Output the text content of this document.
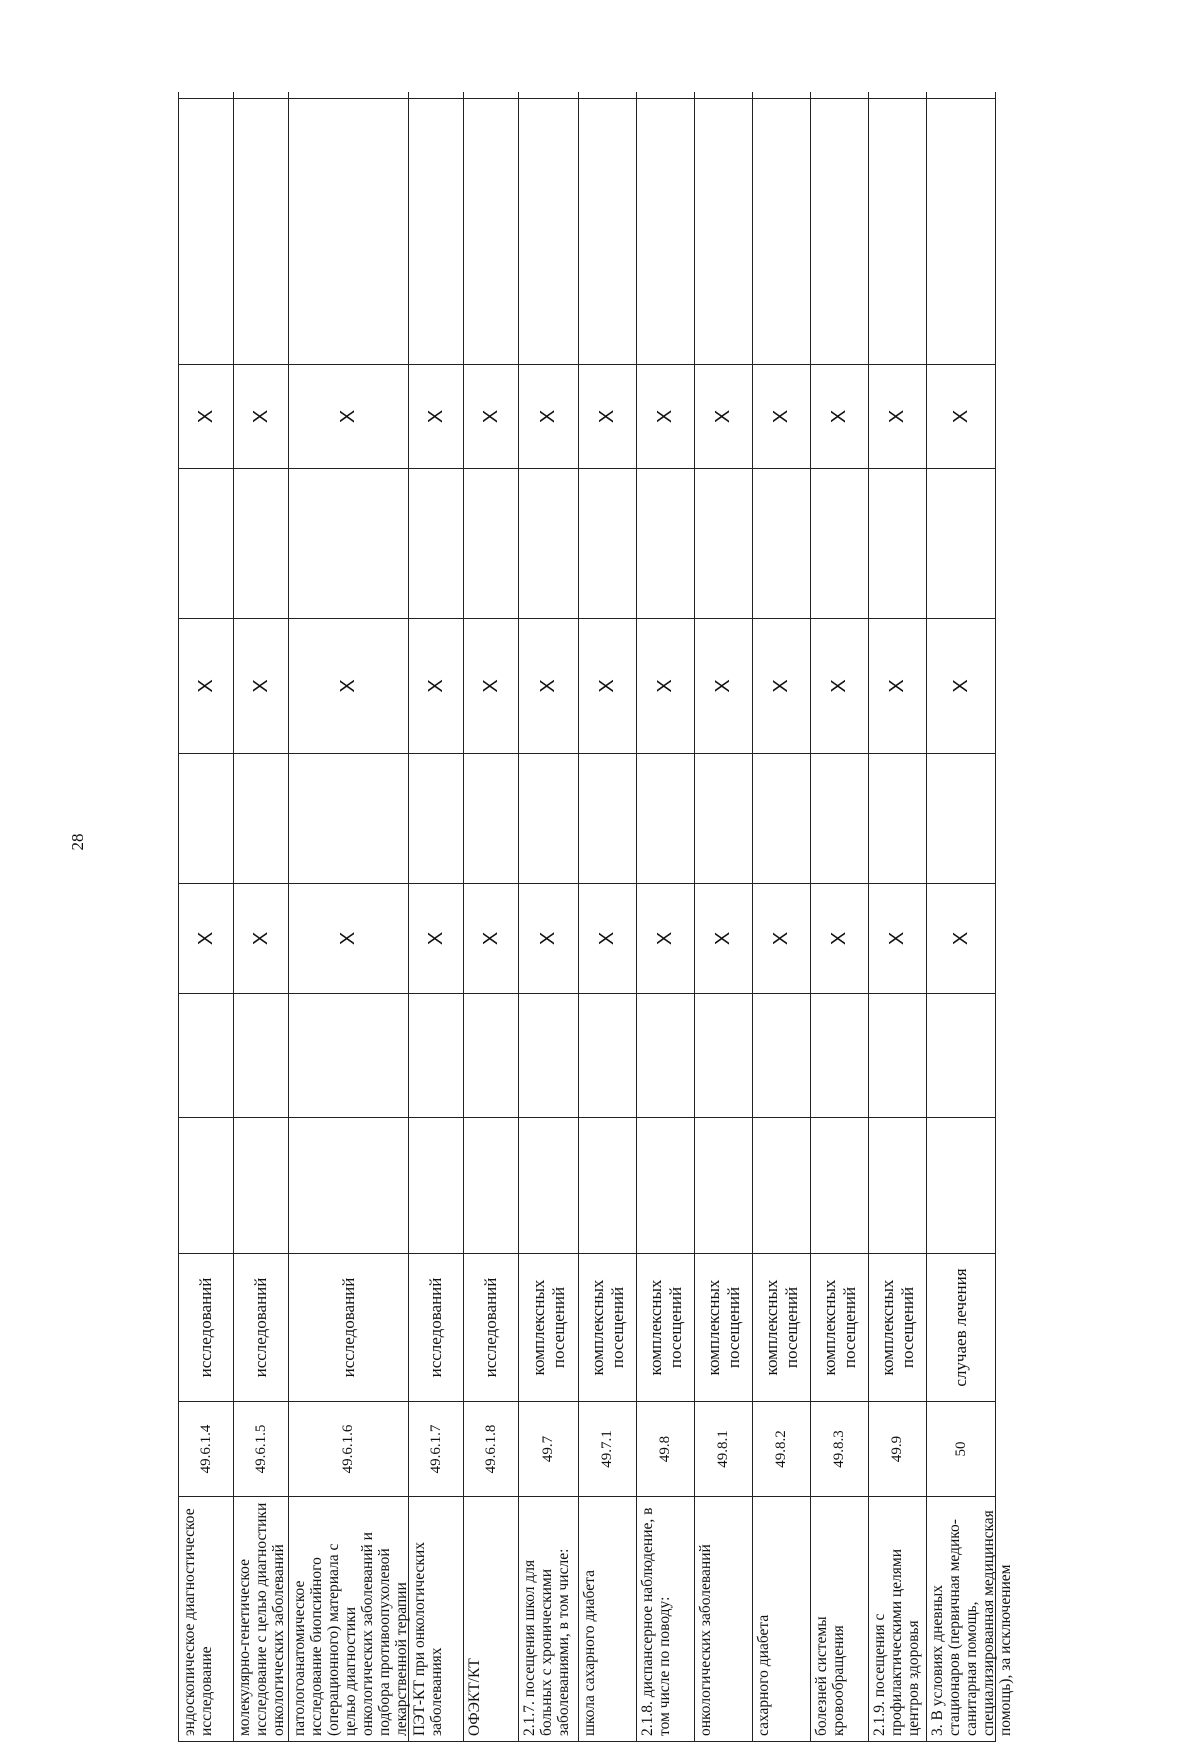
28
эндоскопическое диагностическое исследование
49.6.1.4
исследований
Х
Х
Х
молекулярно-генетическое исследование с целью диагностики онкологических заболеваний
49.6.1.5
исследований
Х
Х
Х
патологоанатомическое исследование биопсийного (операционного) материала с целью диагностики онкологических заболеваний и подбора противоопухолевой лекарственной терапии
49.6.1.6
исследований
Х
Х
Х
ПЭТ-КТ при онкологических заболеваниях
49.6.1.7
исследований
Х
Х
Х
ОФЭКТ/КТ
49.6.1.8
исследований
Х
Х
Х
2.1.7. посещения школ для больных с хроническими заболеваниями, в том числе:
49.7
комплексных посещений
Х
Х
Х
школа сахарного диабета
49.7.1
комплексных посещений
Х
Х
Х
2.1.8. диспансерное наблюдение, в том числе по поводу:
49.8
комплексных посещений
Х
Х
Х
онкологических заболеваний
49.8.1
комплексных посещений
Х
Х
Х
сахарного диабета
49.8.2
комплексных посещений
Х
Х
Х
болезней системы кровообращения
49.8.3
комплексных посещений
Х
Х
Х
2.1.9. посещения с профилактическими целями центров здоровья
49.9
комплексных посещений
Х
Х
Х
3. В условиях дневных стационаров (первичная медико-санитарная помощь, специализированная медицинская помощь), за исключением
50
случаев лечения
Х
Х
Х
